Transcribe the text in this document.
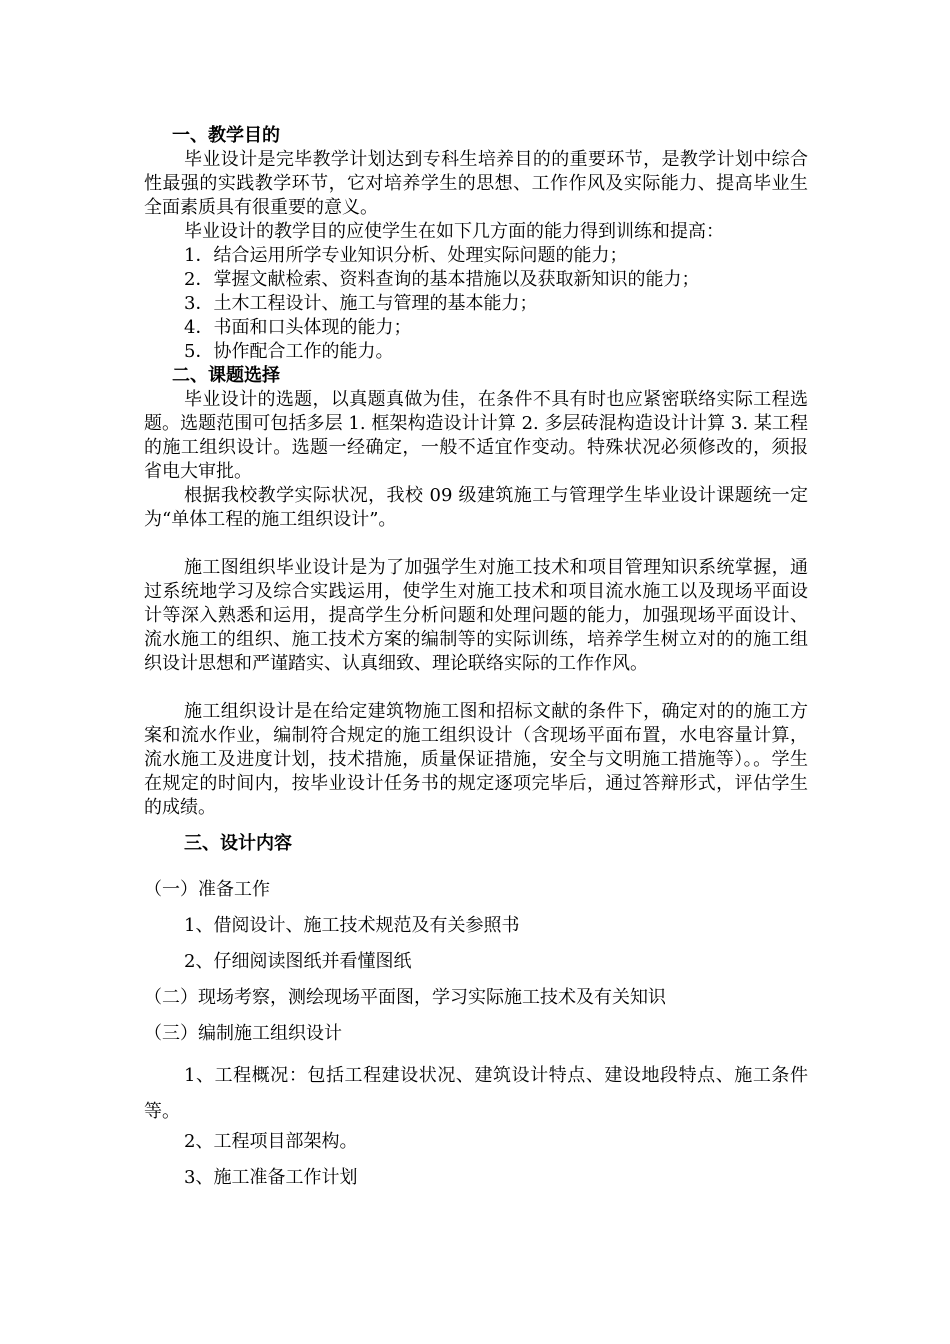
一、教学目的

毕业设计是完毕教学计划达到专科生培养目的的重要环节，是教学计划中综合性最强的实践教学环节，它对培养学生的思想、工作作风及实际能力、提高毕业生全面素质具有很重要的意义。

毕业设计的教学目的应使学生在如下几方面的能力得到训练和提高：

1．结合运用所学专业知识分析、处理实际问题的能力；

2．掌握文献检索、资料查询的基本措施以及获取新知识的能力；

3．土木工程设计、施工与管理的基本能力；

4．书面和口头体现的能力；

5．协作配合工作的能力。

二、课题选择

毕业设计的选题，以真题真做为佳，在条件不具有时也应紧密联络实际工程选题。选题范围可包括多层 1. 框架构造设计计算 2. 多层砖混构造设计计算 3. 某工程的施工组织设计。选题一经确定，一般不适宜作变动。特殊状况必须修改的，须报省电大审批。

根据我校教学实际状况，我校 09 级建筑施工与管理学生毕业设计课题统一定为“单体工程的施工组织设计”。

施工图组织毕业设计是为了加强学生对施工技术和项目管理知识系统掌握，通过系统地学习及综合实践运用，使学生对施工技术和项目流水施工以及现场平面设计等深入熟悉和运用，提高学生分析问题和处理问题的能力，加强现场平面设计、流水施工的组织、施工技术方案的编制等的实际训练，培养学生树立对的的施工组织设计思想和严谨踏实、认真细致、理论联络实际的工作作风。

施工组织设计是在给定建筑物施工图和招标文献的条件下，确定对的的施工方案和流水作业，编制符合规定的施工组织设计（含现场平面布置，水电容量计算，流水施工及进度计划，技术措施，质量保证措施，安全与文明施工措施等）。。学生在规定的时间内，按毕业设计任务书的规定逐项完毕后，通过答辩形式，评估学生的成绩。

三、设计内容

（一）准备工作

1、借阅设计、施工技术规范及有关参照书

2、仔细阅读图纸并看懂图纸

（二）现场考察，测绘现场平面图，学习实际施工技术及有关知识

（三）编制施工组织设计

1、工程概况：包括工程建设状况、建筑设计特点、建设地段特点、施工条件等。

2、工程项目部架构。

3、施工准备工作计划
